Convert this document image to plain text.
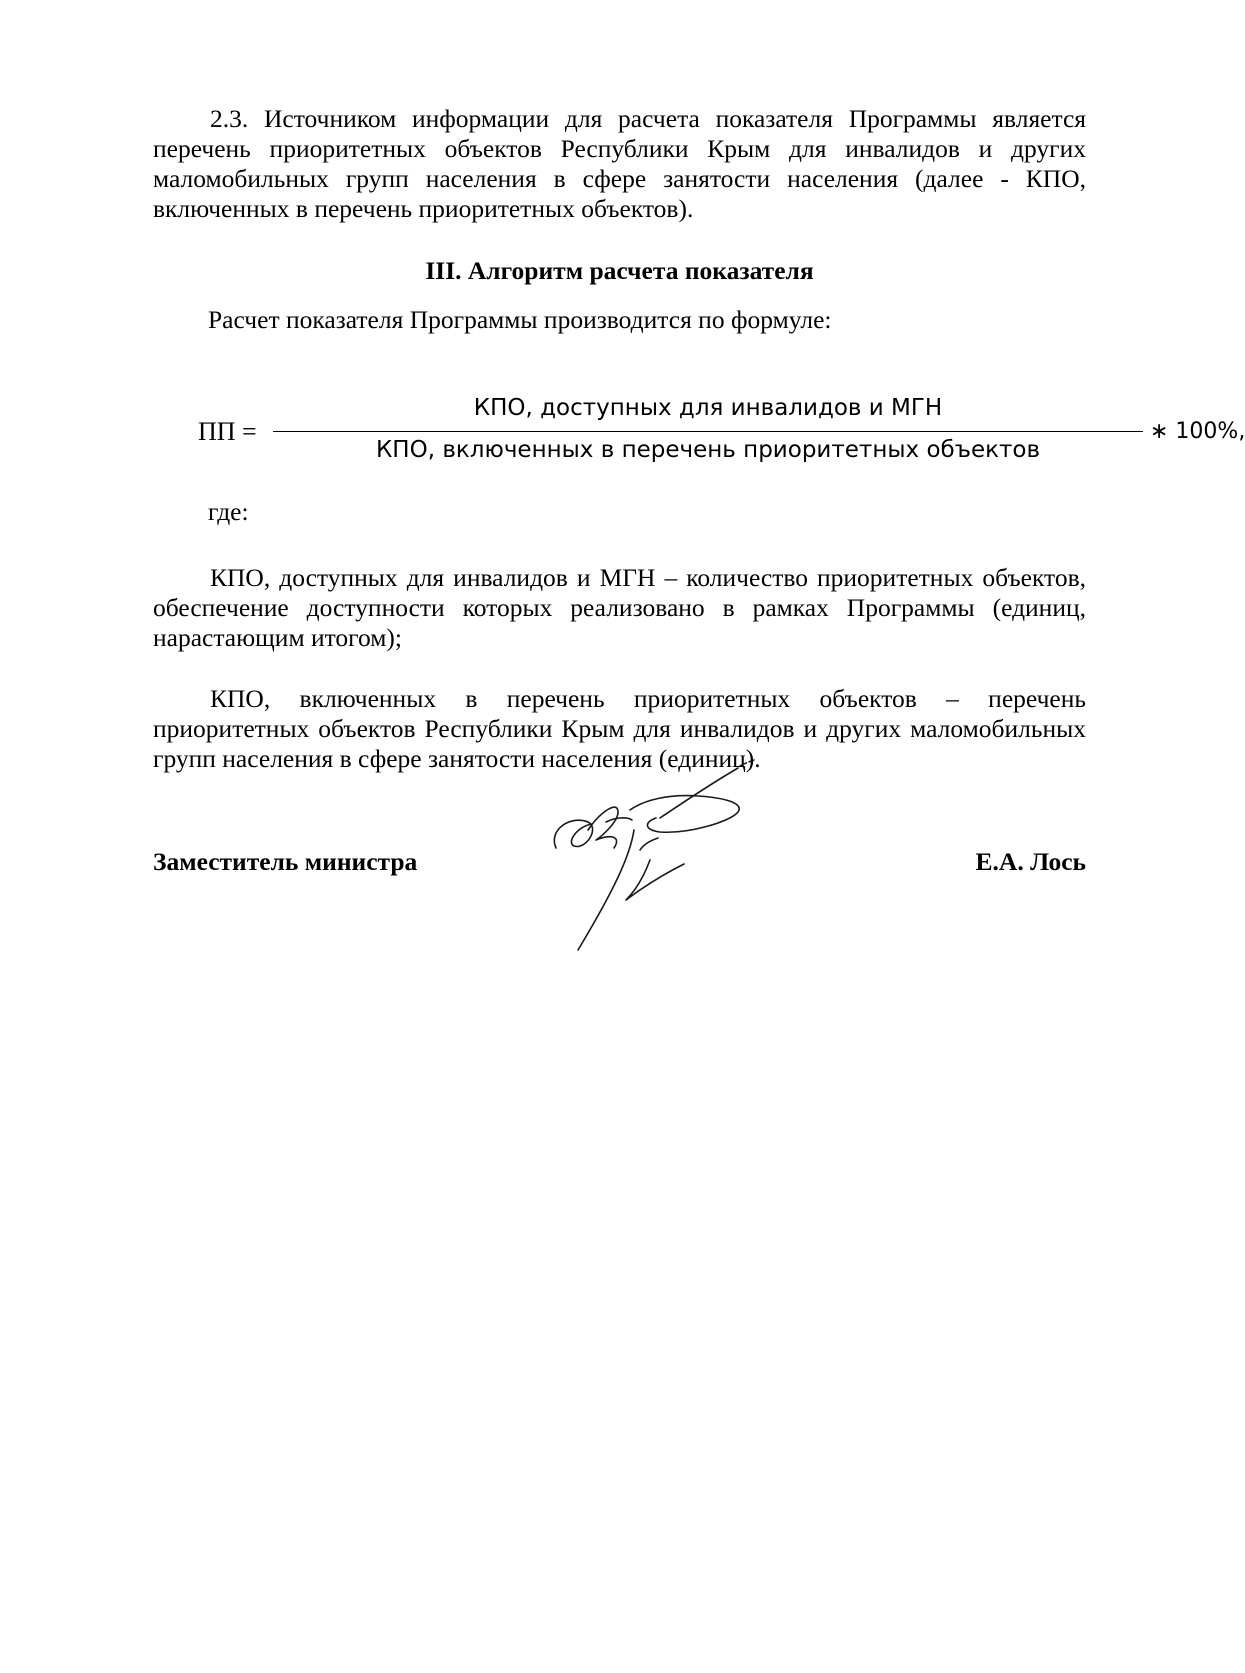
2.3. Источником информации для расчета показателя Программы является перечень приоритетных объектов Республики Крым для инвалидов и других маломобильных групп населения в сфере занятости населения (далее - КПО, включенных в перечень приоритетных объектов).
III. Алгоритм расчета показателя
Расчет показателя Программы производится по формуле:
ПП =
КПО, доступных для инвалидов и МГН
КПО, включенных в перечень приоритетных объектов
∗ 100%,
где:
КПО, доступных для инвалидов и МГН – количество приоритетных объектов, обеспечение доступности которых реализовано в рамках Программы (единиц, нарастающим итогом);
КПО, включенных в перечень приоритетных объектов – перечень приоритетных объектов Республики Крым для инвалидов и других маломобильных групп населения в сфере занятости населения (единиц).
Заместитель министра	Е.А. Лось
